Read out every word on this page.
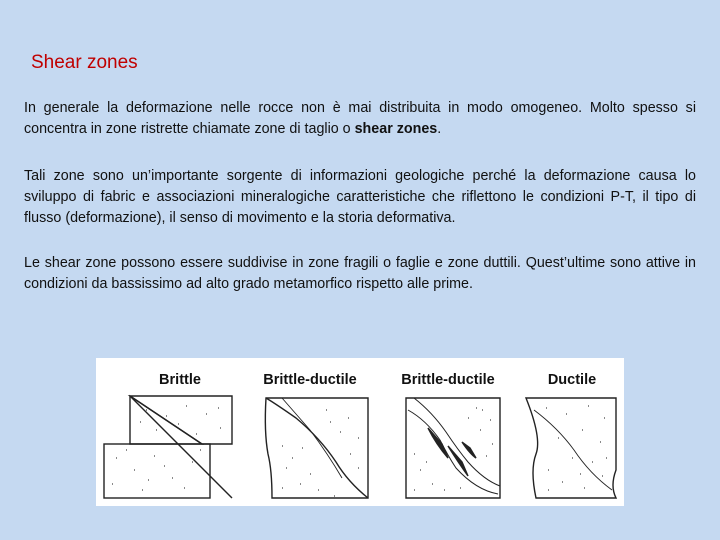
Shear zones

In generale la deformazione nelle rocce non è mai distribuita in modo omogeneo. Molto spesso si concentra in zone ristrette chiamate zone di taglio o shear zones.

Tali zone sono un’importante sorgente di informazioni geologiche perché la deformazione causa lo sviluppo di fabric e associazioni mineralogiche caratteristiche che riflettono le condizioni P-T, il tipo di flusso (deformazione), il senso di movimento e la storia deformativa.

Le shear zone possono essere suddivise in zone fragili o faglie e zone duttili. Quest’ultime sono attive in condizioni da bassissimo ad alto grado metamorfico rispetto alle prime.

Brittle	Brittle-ductile	Brittle-ductile	Ductile
